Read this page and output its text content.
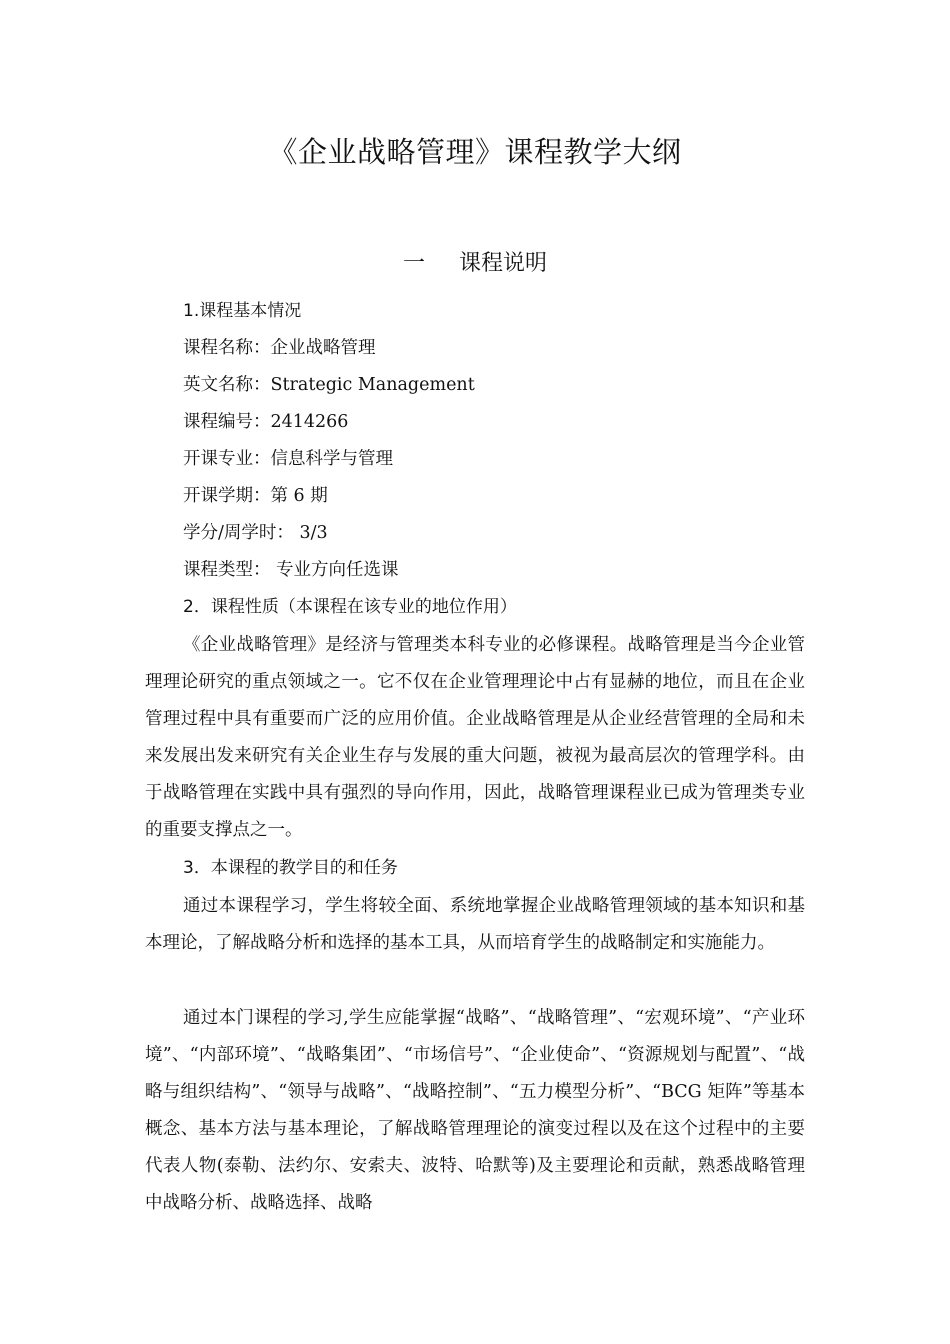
《企业战略管理》课程教学大纲
一 课程说明
1.课程基本情况
课程名称：企业战略管理
英文名称：Strategic Management
课程编号：2414266
开课专业：信息科学与管理
开课学期：第 6 期
学分/周学时： 3/3
课程类型： 专业方向任选课
2．课程性质（本课程在该专业的地位作用）

《企业战略管理》是经济与管理类本科专业的必修课程。战略管理是当今企业管理理论研究的重点领域之一。它不仅在企业管理理论中占有显赫的地位，而且在企业管理过程中具有重要而广泛的应用价值。企业战略管理是从企业经营管理的全局和未来发展出发来研究有关企业生存与发展的重大问题，被视为最高层次的管理学科。由于战略管理在实践中具有强烈的导向作用，因此，战略管理课程业已成为管理类专业的重要支撑点之一。

3．本课程的教学目的和任务

通过本课程学习，学生将较全面、系统地掌握企业战略管理领域的基本知识和基本理论，了解战略分析和选择的基本工具，从而培育学生的战略制定和实施能力。

通过本门课程的学习,学生应能掌握“战略”、“战略管理”、“宏观环境”、“产业环境”、“内部环境”、“战略集团”、“市场信号”、“企业使命”、“资源规划与配置”、“战略与组织结构”、“领导与战略”、“战略控制”、“五力模型分析”、“BCG 矩阵”等基本概念、基本方法与基本理论，了解战略管理理论的演变过程以及在这个过程中的主要代表人物(泰勒、法约尔、安索夫、波特、哈默等)及主要理论和贡献，熟悉战略管理中战略分析、战略选择、战略
